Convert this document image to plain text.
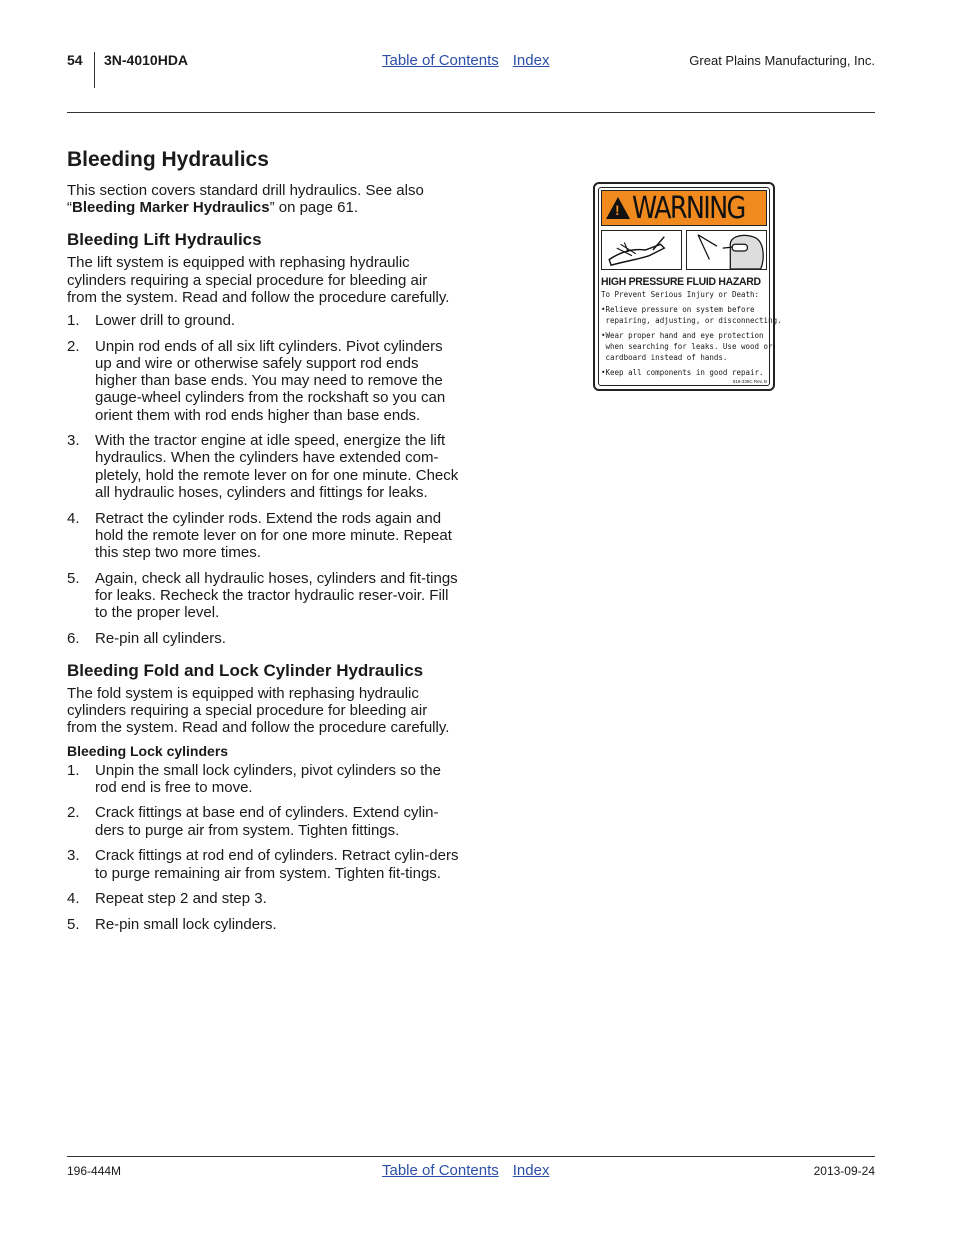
54 3N-4010HDA	Table of Contents Index	Great Plains Manufacturing, Inc.
Bleeding Hydraulics

This section covers standard drill hydraulics. See also “Bleeding Marker Hydraulics” on page 61.

Bleeding Lift Hydraulics

The lift system is equipped with rephasing hydraulic cylinders requiring a special procedure for bleeding air from the system. Read and follow the procedure carefully.

1. Lower drill to ground.
2. Unpin rod ends of all six lift cylinders. Pivot cylinders up and wire or otherwise safely support rod ends higher than base ends. You may need to remove the gauge-wheel cylinders from the rockshaft so you can orient them with rod ends higher than base ends.
3. With the tractor engine at idle speed, energize the lift hydraulics. When the cylinders have extended com-pletely, hold the remote lever on for one minute. Check all hydraulic hoses, cylinders and fittings for leaks.
4. Retract the cylinder rods. Extend the rods again and hold the remote lever on for one more minute. Repeat this step two more times.
5. Again, check all hydraulic hoses, cylinders and fit-tings for leaks. Recheck the tractor hydraulic reser-voir. Fill to the proper level.
6. Re-pin all cylinders.
Bleeding Fold and Lock Cylinder Hydraulics

The fold system is equipped with rephasing hydraulic cylinders requiring a special procedure for bleeding air from the system. Read and follow the procedure carefully.

Bleeding Lock cylinders
1. Unpin the small lock cylinders, pivot cylinders so the rod end is free to move.
2. Crack fittings at base end of cylinders. Extend cylin-ders to purge air from system. Tighten fittings.
3. Crack fittings at rod end of cylinders. Retract cylin-ders to purge remaining air from system. Tighten fit-tings.
4. Repeat step 2 and step 3.
5. Re-pin small lock cylinders.
! WARNING
HIGH PRESSURE FLUID HAZARD
To Prevent Serious Injury or Death:
•Relieve pressure on system before
repairing, adjusting, or disconnecting.
•Wear proper hand and eye protection
when searching for leaks. Use wood or
cardboard instead of hands.
•Keep all components in good repair.
818-339C Rev. B
196-444M	Table of Contents Index	2013-09-24
